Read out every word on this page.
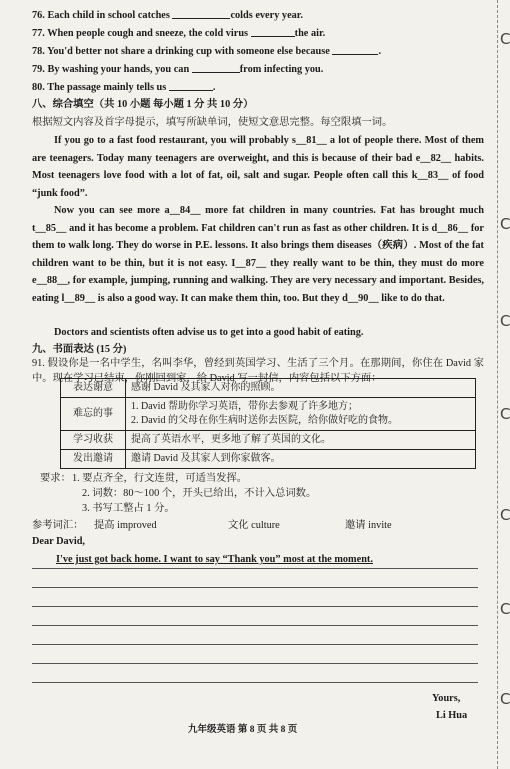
76. Each child in school catches	colds every year.
77. When people cough and sneeze, the cold virus	the air.
78. You'd better not share a drinking cup with someone else because	.
79. By washing your hands, you can	from infecting you.
80. The passage mainly tells us	.
八、综合填空（共 10 小题 每小题 1 分 共 10 分）
根据短文内容及首字母提示，填写所缺单词，使短文意思完整。每空限填一词。
If you go to a fast food restaurant, you will probably s__81__ a lot of people there. Most of them are teenagers. Today many teenagers are overweight, and this is because of their bad e__82__ habits. Most teenagers love food with a lot of fat, oil, salt and sugar. People often call this k__83__ of food “junk food”.
Now you can see more a__84__ more fat children in many countries. Fat has brought much t__85__ and it has become a problem. Fat children can't run as fast as other children. It is d__86__ for them to walk long. They do worse in P.E. lessons. It also brings them diseases（疾病）. Most of the fat children want to be thin, but it is not easy. I__87__ they really want to be thin, they must do more e__88__, for example, jumping, running and walking. They are very necessary and important. Besides, eating l__89__ is also a good way. It can make them thin, too. But they d__90__ like to do that.
Doctors and scientists often advise us to get into a good habit of eating.
九、书面表达 (15 分)
91. 假设你是一名中学生，名叫李华，曾经到英国学习、生活了三个月。在那期间，你住在 David 家中。现在学习已结束，你刚回到家，给 David 写一封信，内容包括以下方面：
表达谢意	感谢 David 及其家人对你的照顾。
难忘的事	1. David 帮助你学习英语，带你去参观了许多地方；
2. David 的父母在你生病时送你去医院，给你做好吃的食物。

学习收获	提高了英语水平，更多地了解了英国的文化。
发出邀请	邀请 David 及其家人到你家做客。
要求： 1. 要点齐全，行文连贯，可适当发挥。
2. 词数：80～100 个，开头已给出，不计入总词数。
3. 书写工整占 1 分。
参考词汇： 提高 improved	文化 culture	邀请 invite
Dear David,
I've just got back home. I want to say “Thank you” most at the moment.
Yours,
Li Hua
九年级英语 第 8 页 共 8 页
C
C
C
C
C
C
C
